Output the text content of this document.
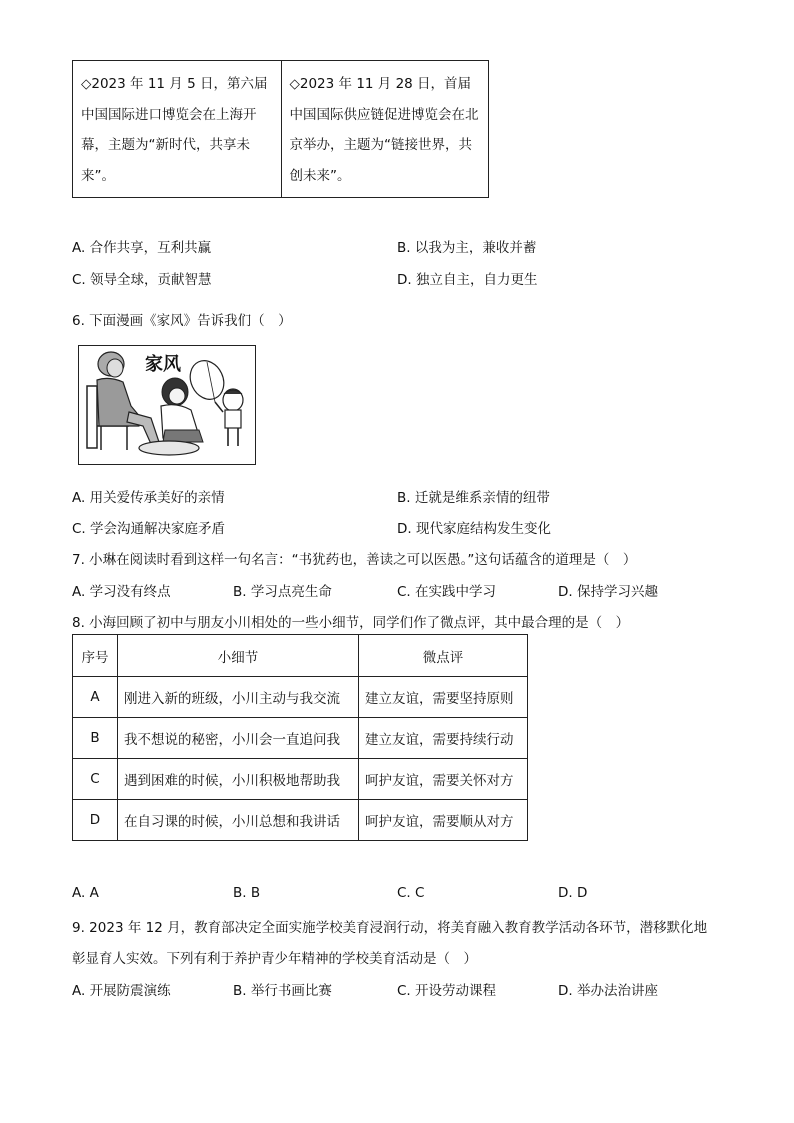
◇2023 年 11 月 5 日，第六届中国国际进口博览会在上海开幕，主题为“新时代，共享未来”。
◇2023 年 11 月 28 日，首届中国国际供应链促进博览会在北京举办，主题为“链接世界，共创未来”。
A. 合作共享，互利共赢	B. 以我为主，兼收并蓄
C. 领导全球，贡献智慧	D. 独立自主，自力更生
6. 下面漫画《家风》告诉我们（　）
家风
A. 用关爱传承美好的亲情	B. 迁就是维系亲情的纽带
C. 学会沟通解决家庭矛盾	D. 现代家庭结构发生变化
7. 小琳在阅读时看到这样一句名言：“书犹药也，善读之可以医愚。”这句话蕴含的道理是（　）
A. 学习没有终点	B. 学习点亮生命	C. 在实践中学习	D. 保持学习兴趣
8. 小海回顾了初中与朋友小川相处的一些小细节，同学们作了微点评，其中最合理的是（　）
序号	小细节	微点评
A	刚进入新的班级，小川主动与我交流	建立友谊，需要坚持原则
B	我不想说的秘密，小川会一直追问我	建立友谊，需要持续行动
C	遇到困难的时候，小川积极地帮助我	呵护友谊，需要关怀对方
D	在自习课的时候，小川总想和我讲话	呵护友谊，需要顺从对方
A. A	B. B	C. C	D. D
9. 2023 年 12 月，教育部决定全面实施学校美育浸润行动，将美育融入教育教学活动各环节，潜移默化地
彰显育人实效。下列有利于养护青少年精神的学校美育活动是（　）
A. 开展防震演练	B. 举行书画比赛	C. 开设劳动课程	D. 举办法治讲座
